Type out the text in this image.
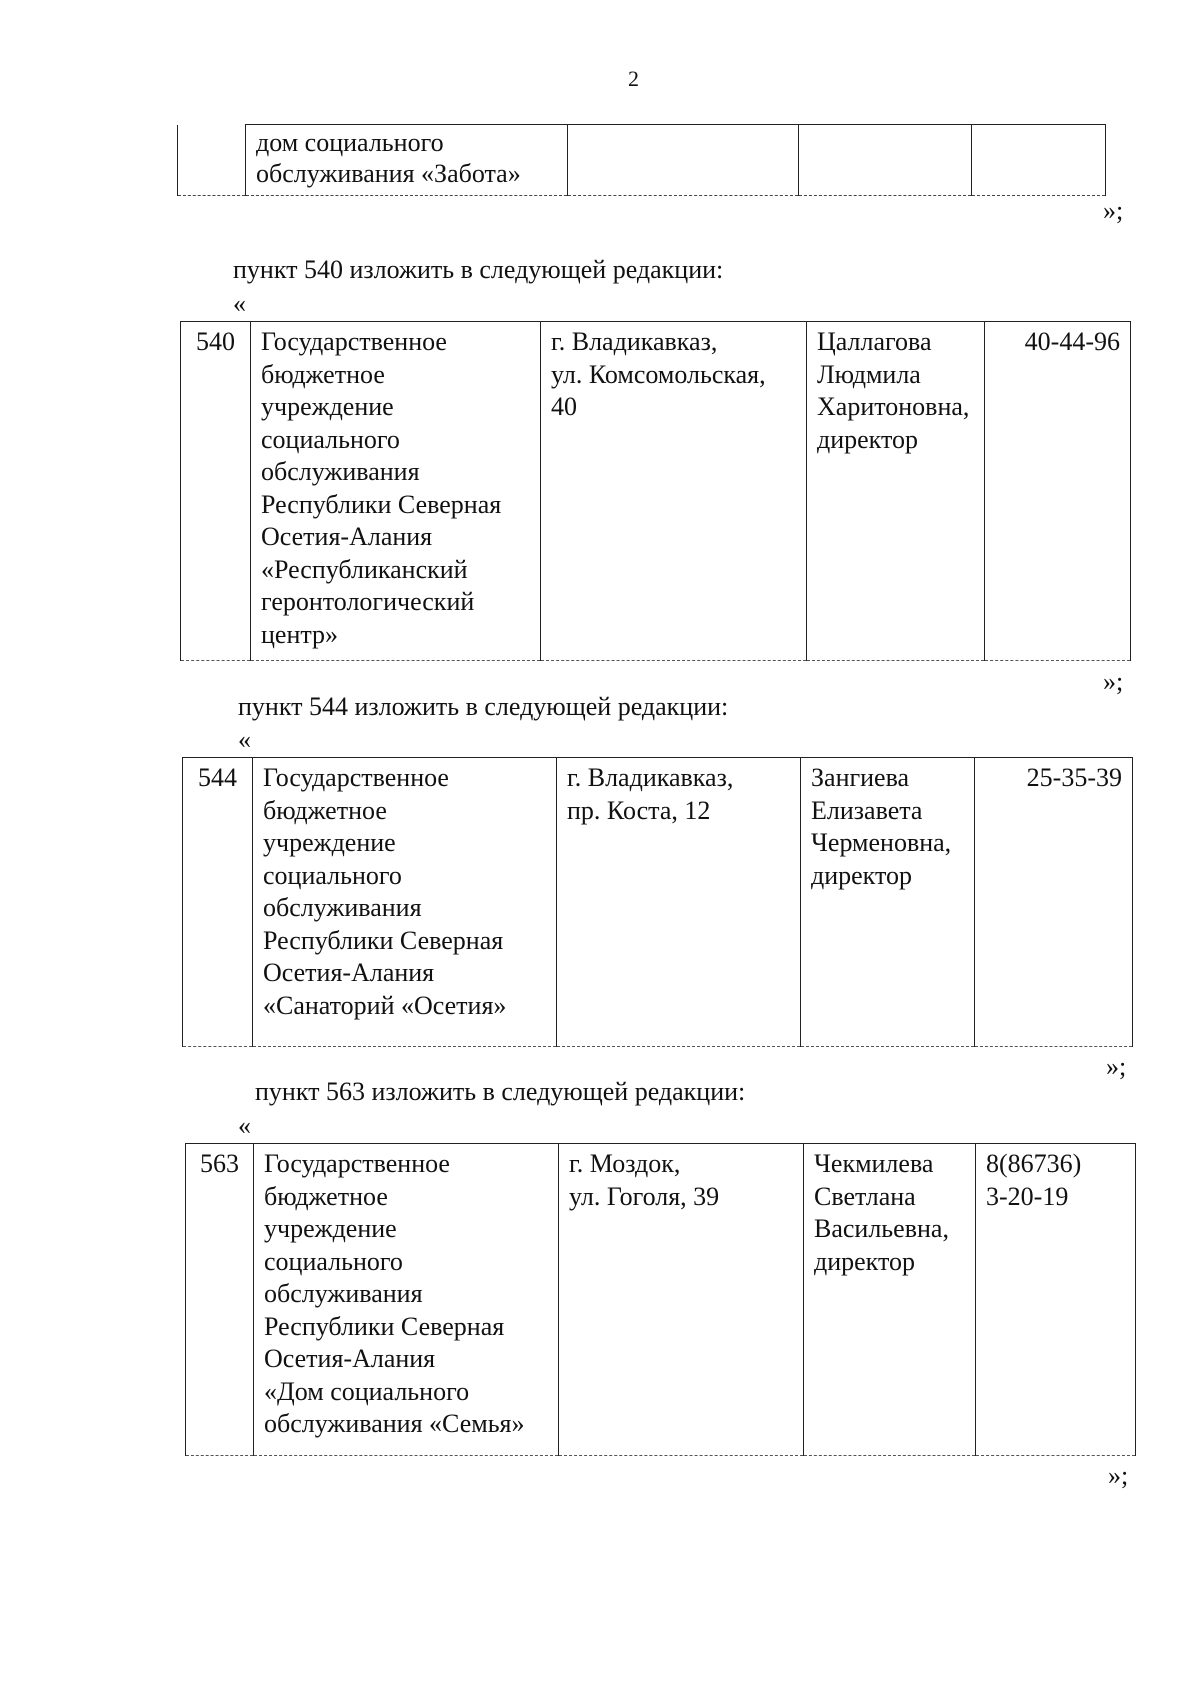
2
	дом социального
обслуживания «Забота»			
»;
пункт 540 изложить в следующей редакции:
«
540	Государственное
бюджетное
учреждение
социального
обслуживания
Республики Северная
Осетия-Алания
«Республиканский
геронтологический
центр»	г. Владикавказ,
ул. Комсомольская,
40	Цаллагова
Людмила
Харитоновна,
директор	40-44-96
»;
пункт 544 изложить в следующей редакции:
«
544	Государственное
бюджетное
учреждение
социального
обслуживания
Республики Северная
Осетия-Алания
«Санаторий «Осетия»	г. Владикавказ,
пр. Коста, 12	Зангиева
Елизавета
Черменовна,
директор	25-35-39
»;
пункт 563 изложить в следующей редакции:
«
563	Государственное
бюджетное
учреждение
социального
обслуживания
Республики Северная
Осетия-Алания
«Дом социального
обслуживания «Семья»	г. Моздок,
ул. Гоголя, 39	Чекмилева
Светлана
Васильевна,
директор	8(86736)
3-20-19
»;
